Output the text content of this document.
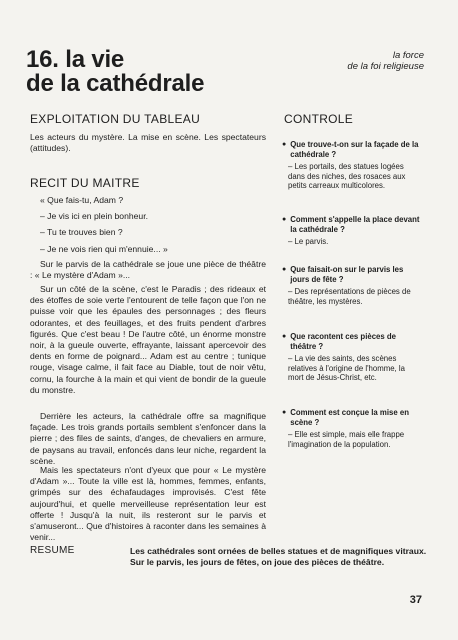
16. la vie
de la cathédrale
la force
de la foi religieuse
EXPLOITATION DU TABLEAU

Les acteurs du mystère. La mise en scène. Les spectateurs (attitudes).

RECIT DU MAITRE

« Que fais-tu, Adam ?

– Je vis ici en plein bonheur.

– Tu te trouves bien ?

– Je ne vois rien qui m'ennuie... »

Sur le parvis de la cathédrale se joue une pièce de théâtre : « Le mystère d'Adam »...

Sur un côté de la scène, c'est le Paradis ; des rideaux et des étoffes de soie verte l'entourent de telle façon que l'on ne puisse voir que les épaules des personnages ; des fleurs odorantes, et des feuillages, et des fruits pendent d'arbres figurés. Que c'est beau ! De l'autre côté, un énorme monstre noir, à la gueule ouverte, effrayante, laissant apercevoir des dents en forme de poignard... Adam est au centre ; tunique rouge, visage calme, il fait face au Diable, tout de noir vêtu, cornu, la fourche à la main et qui vient de bondir de la gueule du monstre.

Derrière les acteurs, la cathédrale offre sa magnifique façade. Les trois grands portails semblent s'enfoncer dans la pierre ; des files de saints, d'anges, de chevaliers en armure, de paysans au travail, enfoncés dans leur niche, regardent la scène.

Mais les spectateurs n'ont d'yeux que pour « Le mystère d'Adam »... Toute la ville est là, hommes, femmes, enfants, grimpés sur des échafaudages improvisés. C'est fête aujourd'hui, et quelle merveilleuse représentation leur est offerte ! Jusqu'à la nuit, ils resteront sur le parvis et s'amuseront... Que d'histoires à raconter dans les semaines à venir...

CONTROLE
● Que trouve-t-on sur la façade de la cathédrale ?
– Les portails, des statues logées dans des niches, des rosaces aux petits carreaux multicolores.
● Comment s'appelle la place devant la cathédrale ?
– Le parvis.
● Que faisait-on sur le parvis les jours de fête ?
– Des représentations de pièces de théâtre, les mystères.
● Que racontent ces pièces de théâtre ?
– La vie des saints, des scènes relatives à l'origine de l'homme, la mort de Jésus-Christ, etc.
● Comment est conçue la mise en scène ?
– Elle est simple, mais elle frappe l'imagination de la population.
RESUME	Les cathédrales sont ornées de belles statues et de magnifiques vitraux. Sur le parvis, les jours de fêtes, on joue des pièces de théâtre.
37
